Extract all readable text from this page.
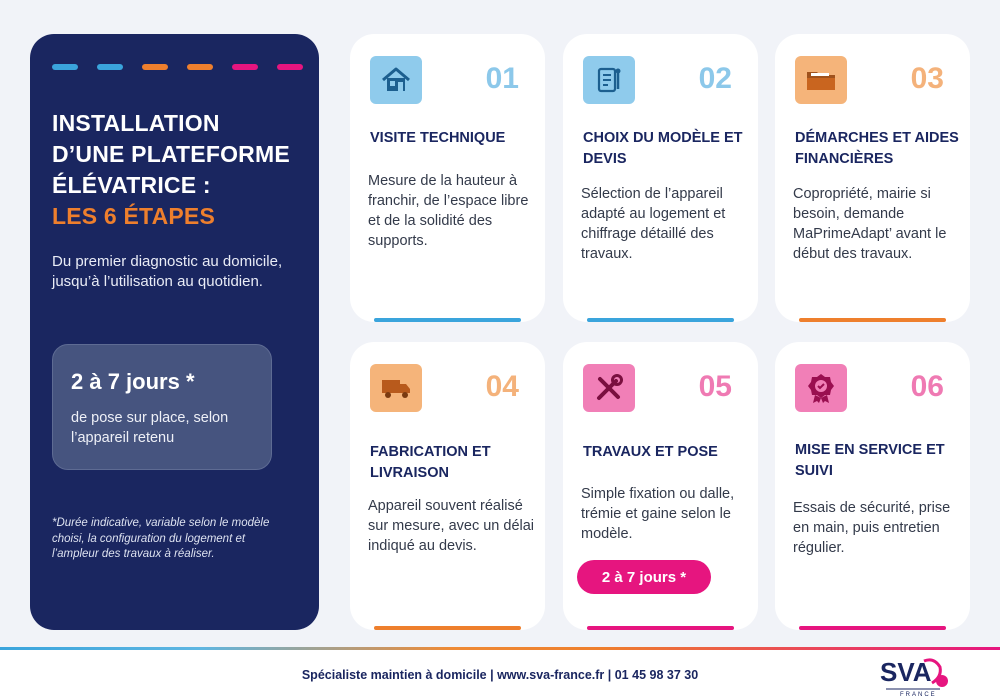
INSTALLATION
D’UNE PLATEFORME
ÉLÉVATRICE :
LES 6 ÉTAPES

Du premier diagnostic au domicile, jusqu’à l’utilisation au quotidien.

2 à 7 jours *
de pose sur place, selon l’appareil retenu

*Durée indicative, variable selon le modèle choisi, la configuration du logement et l’ampleur des travaux à réaliser.

01
VISITE TECHNIQUE
Mesure de la hauteur à franchir, de l’espace libre et de la solidité des supports.
02
CHOIX DU MODÈLE ET DEVIS
Sélection de l’appareil adapté au logement et chiffrage détaillé des travaux.
03
DÉMARCHES ET AIDES FINANCIÈRES
Copropriété, mairie si besoin, demande MaPrimeAdapt’ avant le début des travaux.
04
FABRICATION ET LIVRAISON
Appareil souvent réalisé sur mesure, avec un délai indiqué au devis.
05
TRAVAUX ET POSE
Simple fixation ou dalle, trémie et gaine selon le modèle.
2 à 7 jours *
06
MISE EN SERVICE ET SUIVI
Essais de sécurité, prise en main, puis entretien régulier.
Spécialiste maintien à domicile | www.sva-france.fr | 01 45 98 37 30	SVA
FRANCE
